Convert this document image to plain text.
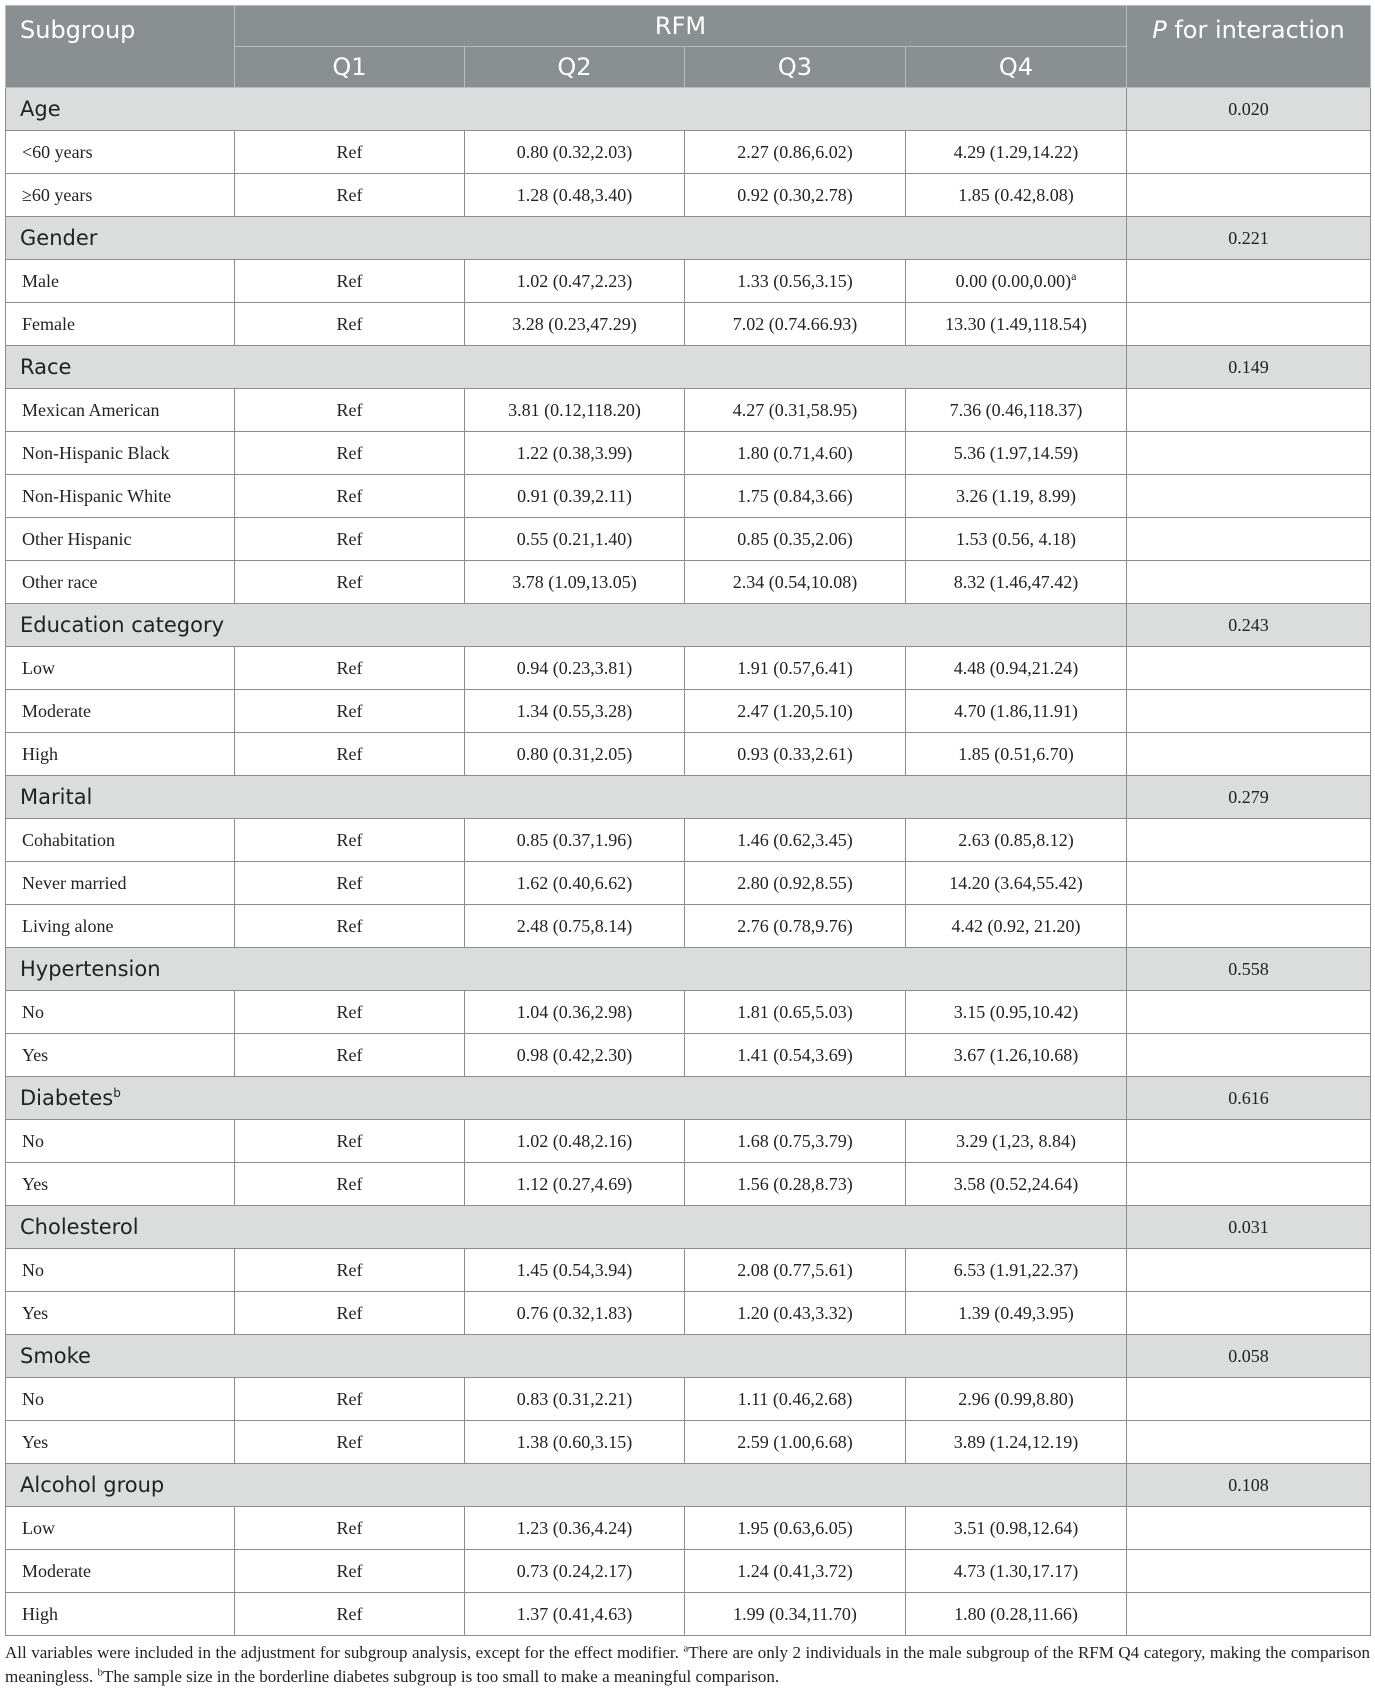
Subgroup	RFM				P for interaction
	Q1	Q2	Q3	Q4	
Age					0.020
<60 years	Ref	0.80 (0.32,2.03)	2.27 (0.86,6.02)	4.29 (1.29,14.22)	
≥60 years	Ref	1.28 (0.48,3.40)	0.92 (0.30,2.78)	1.85 (0.42,8.08)	
Gender					0.221
Male	Ref	1.02 (0.47,2.23)	1.33 (0.56,3.15)	0.00 $(0.00,0.00)^a$	
Female	Ref	3.28 (0.23,47.29)	7.02 (0.74.66.93)	13.30 (1.49,118.54)	
Race					0.149
Mexican American	Ref	3.81 (0.12,118.20)	4.27 (0.31,58.95)	7.36 (0.46,118.37)	
Non-Hispanic Black	Ref	1.22 (0.38,3.99)	1.80 (0.71,4.60)	5.36 (1.97,14.59)	
Non-Hispanic White	Ref	0.91 (0.39,2.11)	1.75 (0.84,3.66)	3.26 (1.19, 8.99)	
Other Hispanic	Ref	0.55 (0.21,1.40)	0.85 (0.35,2.06)	1.53 (0.56, 4.18)	
Other race	Ref	3.78 (1.09,13.05)	2.34 (0.54,10.08)	8.32 (1.46,47.42)	
Education category					0.243
Low	Ref	0.94 (0.23,3.81)	1.91 (0.57,6.41)	4.48 (0.94,21.24)	
Moderate	Ref	1.34 (0.55,3.28)	2.47 (1.20,5.10)	4.70 (1.86,11.91)	
High	Ref	0.80 (0.31,2.05)	0.93 (0.33,2.61)	1.85 (0.51,6.70)	
Marital					0.279
Cohabitation	Ref	0.85 (0.37,1.96)	1.46 (0.62,3.45)	2.63 (0.85,8.12)	
Never married	Ref	1.62 (0.40,6.62)	2.80 (0.92,8.55)	14.20 (3.64,55.42)	
Living alone	Ref	2.48 (0.75,8.14)	2.76 (0.78,9.76)	4.42 (0.92, 21.20)	
Hypertension					0.558
No	Ref	1.04 (0.36,2.98)	1.81 (0.65,5.03)	3.15 (0.95,10.42)	
Yes	Ref	0.98 (0.42,2.30)	1.41 (0.54,3.69)	3.67 (1.26,10.68)	
Diabetes$^b$					0.616
No	Ref	1.02 (0.48,2.16)	1.68 (0.75,3.79)	3.29 (1,23, 8.84)	
Yes	Ref	1.12 (0.27,4.69)	1.56 (0.28,8.73)	3.58 (0.52,24.64)	
Cholesterol					0.031
No	Ref	1.45 (0.54,3.94)	2.08 (0.77,5.61)	6.53 (1.91,22.37)	
Yes	Ref	0.76 (0.32,1.83)	1.20 (0.43,3.32)	1.39 (0.49,3.95)	
Smoke					0.058
No	Ref	0.83 (0.31,2.21)	1.11 (0.46,2.68)	2.96 (0.99,8.80)	
Yes	Ref	1.38 (0.60,3.15)	2.59 (1.00,6.68)	3.89 (1.24,12.19)	
Alcohol group					0.108
Low	Ref	1.23 (0.36,4.24)	1.95 (0.63,6.05)	3.51 (0.98,12.64)	
Moderate	Ref	0.73 (0.24,2.17)	1.24 (0.41,3.72)	4.73 (1.30,17.17)	
High	Ref	1.37 (0.41,4.63)	1.99 (0.34,11.70)	1.80 (0.28,11.66)	
All variables were included in the adjustment for subgroup analysis, except for the effect modifier. $^a$There are only 2 individuals in the male subgroup of the RFM Q4 category, making the comparison meaningless. $^b$The sample size in the borderline diabetes subgroup is too small to make a meaningful comparison.
